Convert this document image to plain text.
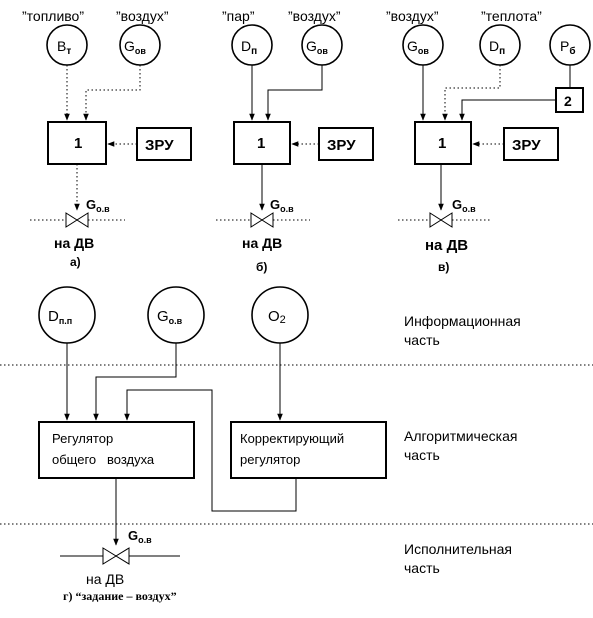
”топливо” ”воздух”
$B_т$	$G_{ов}$
1	ЗРУ
$G_{о.в}$
на ДВ
а)
”пар” ”воздух”
$D_п$	$G_{ов}$
1	ЗРУ
$G_{о.в}$
на ДВ
б)
”воздух”	”теплота”
$G_{ов}$	$D_п$	$P_б$
2
1	ЗРУ
$G_{о.в}$
на ДВ
в)
$D_{п.п}$	$G_{о.в}$	O2
Регулятор
общего   воздуха
Корректирующий
регулятор
$G_{о.в}$
на ДВ
г) “задание – воздух”
Информационная
часть
Алгоритмическая
часть
Исполнительная
часть
